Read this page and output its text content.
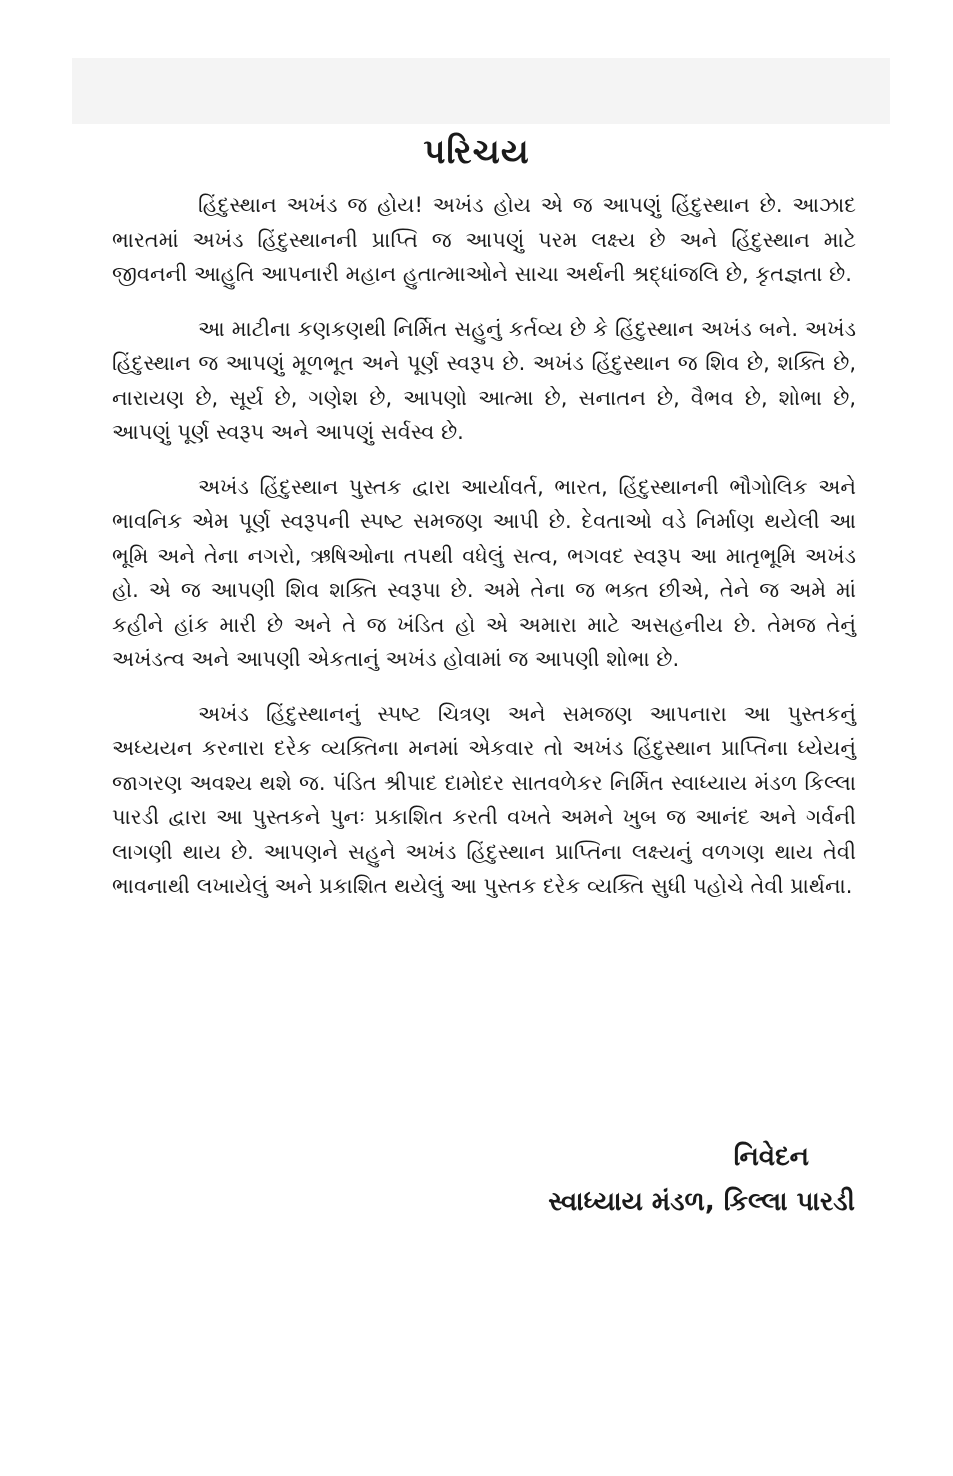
પરિચય

હિંદુસ્થાન અખંડ જ હોય! અખંડ હોય એ જ આપણું હિંદુસ્થાન છે. આઝાદ ભારતમાં અખંડ હિંદુસ્થાનની પ્રાપ્તિ જ આપણું પરમ લક્ષ્ય છે અને હિંદુસ્થાન માટે જીવનની આહુતિ આપનારી મહાન હુતાત્માઓને સાચા અર્થની શ્રદ્ધાંજલિ છે, કૃતજ્ઞતા છે.

આ માટીના કણકણથી નિર્મિત સહુનું કર્તવ્ય છે કે હિંદુસ્થાન અખંડ બને. અખંડ હિંદુસ્થાન જ આપણું મૂળભૂત અને પૂર્ણ સ્વરૂપ છે. અખંડ હિંદુસ્થાન જ શિવ છે, શક્તિ છે, નારાયણ છે, સૂર્ય છે, ગણેશ છે, આપણો આત્મા છે, સનાતન છે, વૈભવ છે, શોભા છે, આપણું પૂર્ણ સ્વરૂપ અને આપણું સર્વસ્વ છે.

અખંડ હિંદુસ્થાન પુસ્તક દ્વારા આર્યાવર્ત, ભારત, હિંદુસ્થાનની ભૌગોલિક અને ભાવનિક એમ પૂર્ણ સ્વરૂપની સ્પષ્ટ સમજણ આપી છે. દેવતાઓ વડે નિર્માણ થયેલી આ ભૂમિ અને તેના નગરો, ઋષિઓના તપથી વધેલું સત્વ, ભગવદ સ્વરૂપ આ માતૃભૂમિ અખંડ હો. એ જ આપણી શિવ શક્તિ સ્વરૂપા છે. અમે તેના જ ભક્ત છીએ, તેને જ અમે માં કહીને હાંક મારી છે અને તે જ ખંડિત હો એ અમારા માટે અસહનીય છે. તેમજ તેનું અખંડત્વ અને આપણી એકતાનું અખંડ હોવામાં જ આપણી શોભા છે.

અખંડ હિંદુસ્થાનનું સ્પષ્ટ ચિત્રણ અને સમજણ આપનારા આ પુસ્તકનું અધ્યયન કરનારા દરેક વ્યક્તિના મનમાં એકવાર તો અખંડ હિંદુસ્થાન પ્રાપ્તિના ધ્યેયનું જાગરણ અવશ્ય થશે જ. પંડિત શ્રીપાદ દામોદર સાતવળેકર નિર્મિત સ્વાધ્યાય મંડળ કિલ્લા પારડી દ્વારા આ પુસ્તકને પુનઃ પ્રકાશિત કરતી વખતે અમને ખુબ જ આનંદ અને ગર્વની લાગણી થાય છે. આપણને સહુને અખંડ હિંદુસ્થાન પ્રાપ્તિના લક્ષ્યનું વળગણ થાય તેવી ભાવનાથી લખાયેલું અને પ્રકાશિત થયેલું આ પુસ્તક દરેક વ્યક્તિ સુધી પહોચે તેવી પ્રાર્થના.

નિવેદન
સ્વાધ્યાય મંડળ, કિલ્લા પારડી
